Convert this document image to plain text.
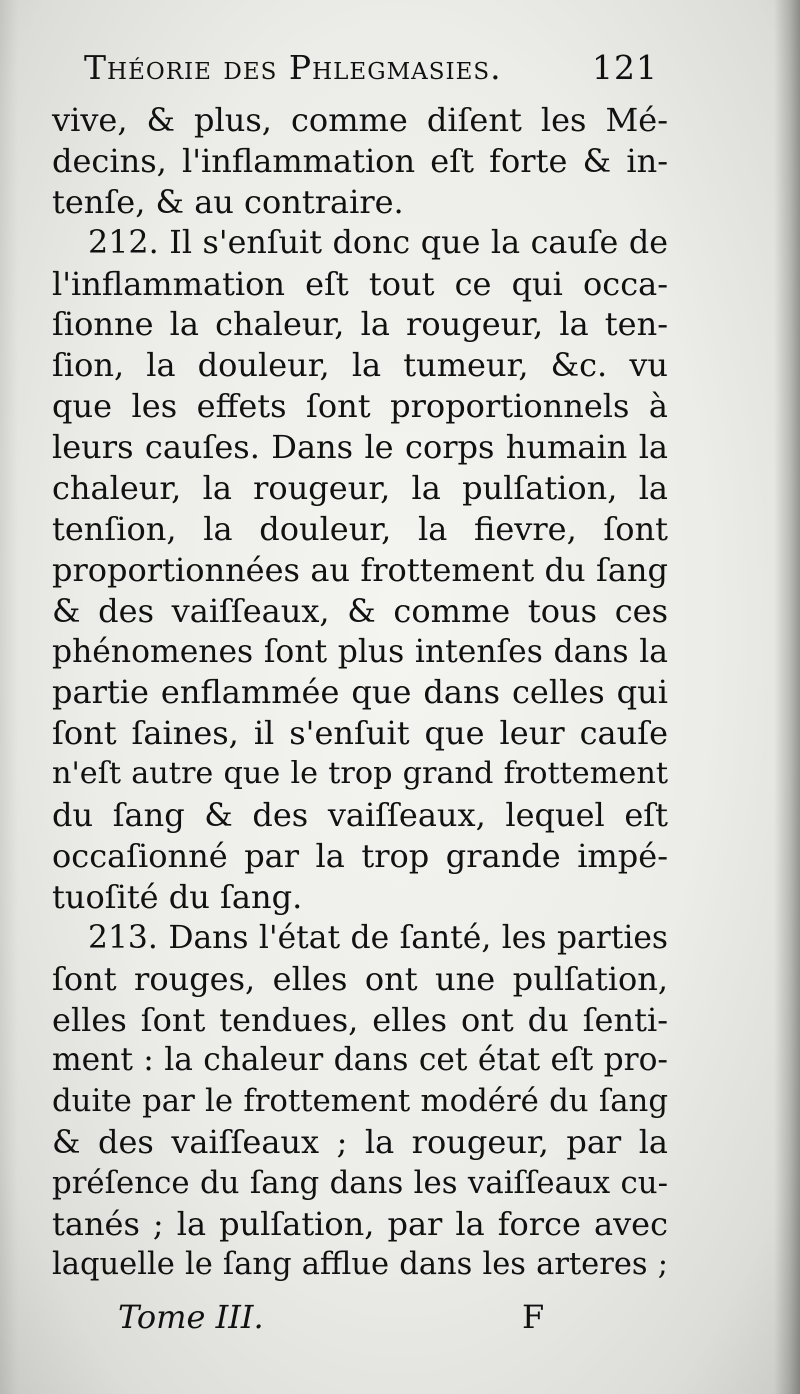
Théorie des Phlegmasies.	121
vive, & plus, comme diſent les Mé-
decins, l'inflammation eſt forte & in-
tenſe, & au contraire.
212. Il s'enſuit donc que la cauſe de
l'inflammation eſt tout ce qui occa-
ſionne la chaleur, la rougeur, la ten-
ſion, la douleur, la tumeur, &c. vu
que les effets ſont proportionnels à
leurs cauſes. Dans le corps humain la
chaleur, la rougeur, la pulſation, la
tenſion, la douleur, la fievre, ſont
proportionnées au frottement du ſang
& des vaiſſeaux, & comme tous ces
phénomenes ſont plus intenſes dans la
partie enflammée que dans celles qui
ſont ſaines, il s'enſuit que leur cauſe
n'eſt autre que le trop grand frottement
du ſang & des vaiſſeaux, lequel eſt
occaſionné par la trop grande impé-
tuoſité du ſang.
213. Dans l'état de ſanté, les parties
ſont rouges, elles ont une pulſation,
elles ſont tendues, elles ont du ſenti-
ment : la chaleur dans cet état eſt pro-
duite par le frottement modéré du ſang
& des vaiſſeaux ; la rougeur, par la
préſence du ſang dans les vaiſſeaux cu-
tanés ; la pulſation, par la force avec
laquelle le ſang afflue dans les arteres ;
Tome III.	F
